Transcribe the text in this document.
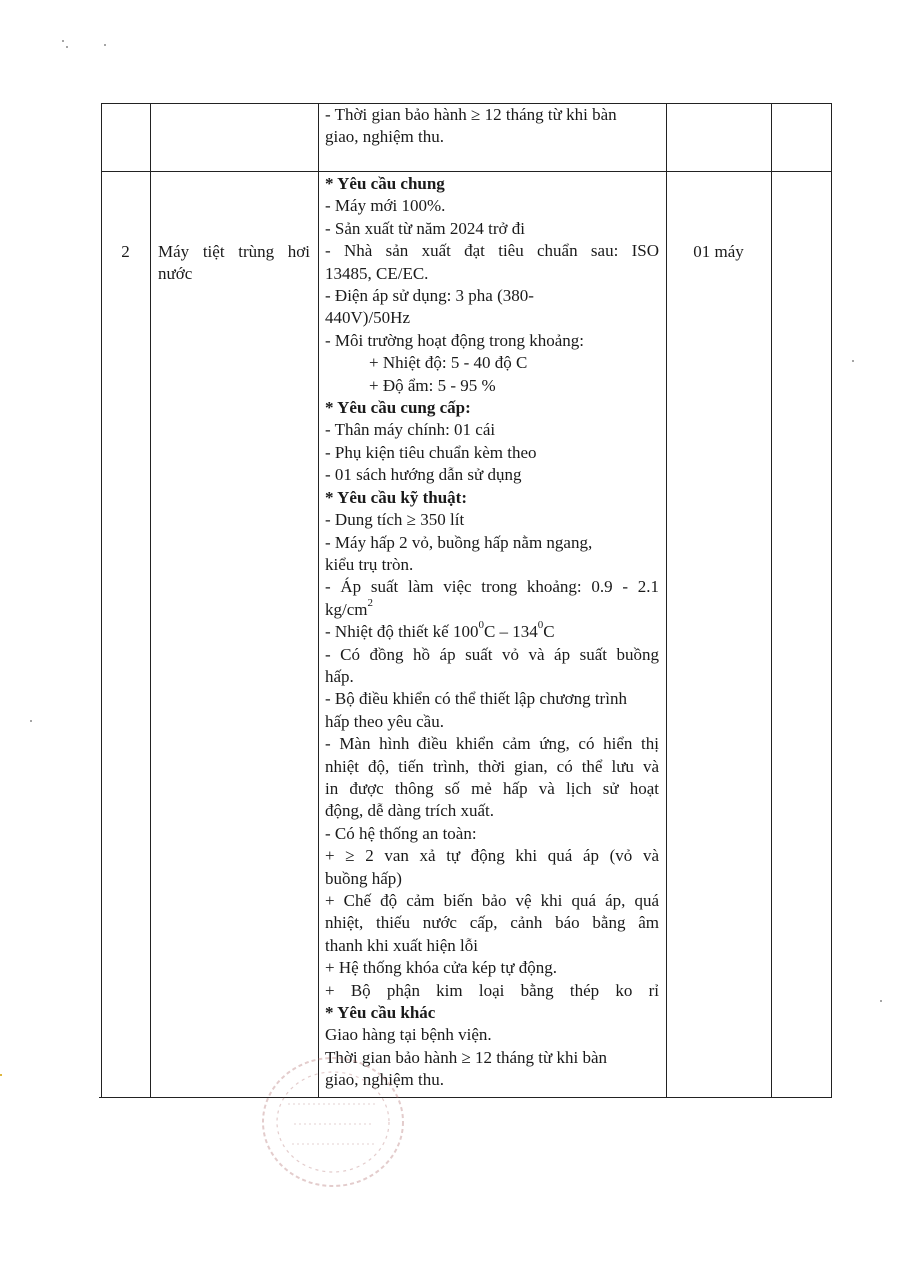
- Thời gian bảo hành ≥ 12 tháng từ khi bàn
giao, nghiệm thu.
2	Máy tiệt trùng hơi
nước
01 máy
* Yêu cầu chung
- Máy mới 100%.
- Sản xuất từ năm 2024 trở đi
- Nhà sản xuất đạt tiêu chuẩn sau: ISO
13485, CE/EC.
- Điện áp sử dụng: 3 pha (380-
440V)/50Hz
- Môi trường hoạt động trong khoảng:
+ Nhiệt độ: 5 - 40 độ C
+ Độ ẩm: 5 - 95 %
* Yêu cầu cung cấp:
- Thân máy chính: 01 cái
- Phụ kiện tiêu chuẩn kèm theo
- 01 sách hướng dẫn sử dụng
* Yêu cầu kỹ thuật:
- Dung tích ≥ 350 lít
- Máy hấp 2 vỏ, buồng hấp nằm ngang,
kiểu trụ tròn.
- Áp suất làm việc trong khoảng: 0.9 - 2.1
$kg/cm^2$
- Nhiệt độ thiết kế $100^0C - 134^0C$
- Có đồng hồ áp suất vỏ và áp suất buồng
hấp.
- Bộ điều khiển có thể thiết lập chương trình
hấp theo yêu cầu.
- Màn hình điều khiển cảm ứng, có hiển thị
nhiệt độ, tiến trình, thời gian, có thể lưu và
in được thông số mẻ hấp và lịch sử hoạt
động, dễ dàng trích xuất.
- Có hệ thống an toàn:
+ ≥ 2 van xả tự động khi quá áp (vỏ và
buồng hấp)
+ Chế độ cảm biến bảo vệ khi quá áp, quá
nhiệt, thiếu nước cấp, cảnh báo bằng âm
thanh khi xuất hiện lỗi
+ Hệ thống khóa cửa kép tự động.
+ Bộ phận kim loại bằng thép ko rỉ
* Yêu cầu khác
Giao hàng tại bệnh viện.
Thời gian bảo hành ≥ 12 tháng từ khi bàn
giao, nghiệm thu.
